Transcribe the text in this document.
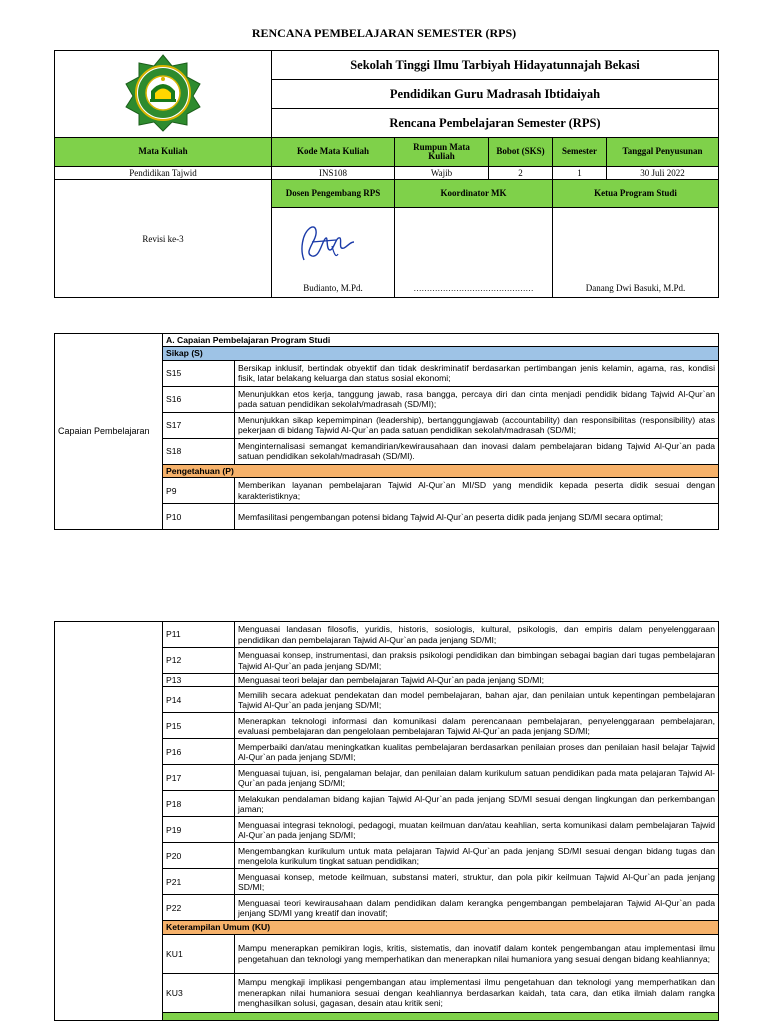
RENCANA PEMBELAJARAN SEMESTER (RPS)
	Sekolah Tinggi Ilmu Tarbiyah Hidayatunnajah Bekasi				
	Pendidikan Guru Madrasah Ibtidaiyah				
	Rencana Pembelajaran Semester (RPS)				
Mata Kuliah	Kode Mata Kuliah	Rumpun Mata Kuliah	Bobot (SKS)	Semester	Tanggal Penyusunan
Pendidikan Tajwid	INS108	Wajib	2	1	30 Juli 2022
Revisi ke-3	Dosen Pengembang RPS	Koordinator MK		Ketua Program Studi	

	Budianto, M.Pd.	………………………………………		Danang Dwi Basuki, M.Pd.	
Capaian Pembelajaran	A. Capaian Pembelajaran Program Studi	
	Sikap (S)	
	S15	Bersikap inklusif, bertindak obyektif dan tidak deskriminatif berdasarkan pertimbangan jenis kelamin, agama, ras, kondisi fisik, latar belakang keluarga dan status sosial ekonomi;
	S16	Menunjukkan etos kerja, tanggung jawab, rasa bangga, percaya diri dan cinta menjadi pendidik bidang Tajwid Al-Qur`an pada satuan pendidikan sekolah/madrasah (SD/MI);
	S17	Menunjukkan sikap kepemimpinan (leadership), bertanggungjawab (accountability) dan responsibilitas (responsibility) atas pekerjaan di bidang Tajwid Al-Qur`an pada satuan pendidikan sekolah/madrasah (SD/MI;
	S18	Menginternalisasi semangat kemandirian/kewirausahaan dan inovasi dalam pembelajaran bidang Tajwid Al-Qur`an pada satuan pendidikan sekolah/madrasah (SD/MI).
	Pengetahuan (P)	
	P9	Memberikan layanan pembelajaran Tajwid Al-Qur`an MI/SD yang mendidik kepada peserta didik sesuai dengan karakteristiknya;
	P10	Memfasilitasi pengembangan potensi bidang Tajwid Al-Qur`an peserta didik pada jenjang SD/MI secara optimal;
	P11	Menguasai landasan filosofis, yuridis, historis, sosiologis, kultural, psikologis, dan empiris dalam penyelenggaraan pendidikan dan pembelajaran Tajwid Al-Qur`an pada jenjang SD/MI;
	P12	Menguasai konsep, instrumentasi, dan praksis psikologi pendidikan dan bimbingan sebagai bagian dari tugas pembelajaran Tajwid Al-Qur`an pada jenjang SD/MI;
	P13	Menguasai teori belajar dan pembelajaran Tajwid Al-Qur`an pada jenjang SD/MI;
	P14	Memilih secara adekuat pendekatan dan model pembelajaran, bahan ajar, dan penilaian untuk kepentingan pembelajaran Tajwid Al-Qur`an pada jenjang SD/MI;
	P15	Menerapkan teknologi informasi dan komunikasi dalam perencanaan pembelajaran, penyelenggaraan pembelajaran, evaluasi pembelajaran dan pengelolaan pembelajaran Tajwid Al-Qur`an pada jenjang SD/MI;
	P16	Memperbaiki dan/atau meningkatkan kualitas pembelajaran berdasarkan penilaian proses dan penilaian hasil belajar Tajwid Al-Qur`an pada jenjang SD/MI;
	P17	Menguasai tujuan, isi, pengalaman belajar, dan penilaian dalam kurikulum satuan pendidikan pada mata pelajaran Tajwid Al-Qur`an pada jenjang SD/MI;
	P18	Melakukan pendalaman bidang kajian Tajwid Al-Qur`an pada jenjang SD/MI sesuai dengan lingkungan dan perkembangan jaman;
	P19	Menguasai integrasi teknologi, pedagogi, muatan keilmuan dan/atau keahlian, serta komunikasi dalam pembelajaran Tajwid Al-Qur`an pada jenjang SD/MI;
	P20	Mengembangkan kurikulum untuk mata pelajaran Tajwid Al-Qur`an pada jenjang SD/MI sesuai dengan bidang tugas dan mengelola kurikulum tingkat satuan pendidikan;
	P21	Menguasai konsep, metode keilmuan, substansi materi, struktur, dan pola pikir keilmuan Tajwid Al-Qur`an pada jenjang SD/MI;
	P22	Menguasai teori kewirausahaan dalam pendidikan dalam kerangka pengembangan pembelajaran Tajwid Al-Qur`an pada jenjang SD/MI yang kreatif dan inovatif;
	Keterampilan Umum (KU)	
	KU1	Mampu menerapkan pemikiran logis, kritis, sistematis, dan inovatif dalam kontek pengembangan atau implementasi ilmu pengetahuan dan teknologi yang memperhatikan dan menerapkan nilai humaniora yang sesuai dengan bidang keahliannya;
	KU3	Mampu mengkaji implikasi pengembangan atau implementasi ilmu pengetahuan dan teknologi yang memperhatikan dan menerapkan nilai humaniora sesuai dengan keahliannya berdasarkan kaidah, tata cara, dan etika ilmiah dalam rangka menghasilkan solusi, gagasan, desain atau kritik seni;
